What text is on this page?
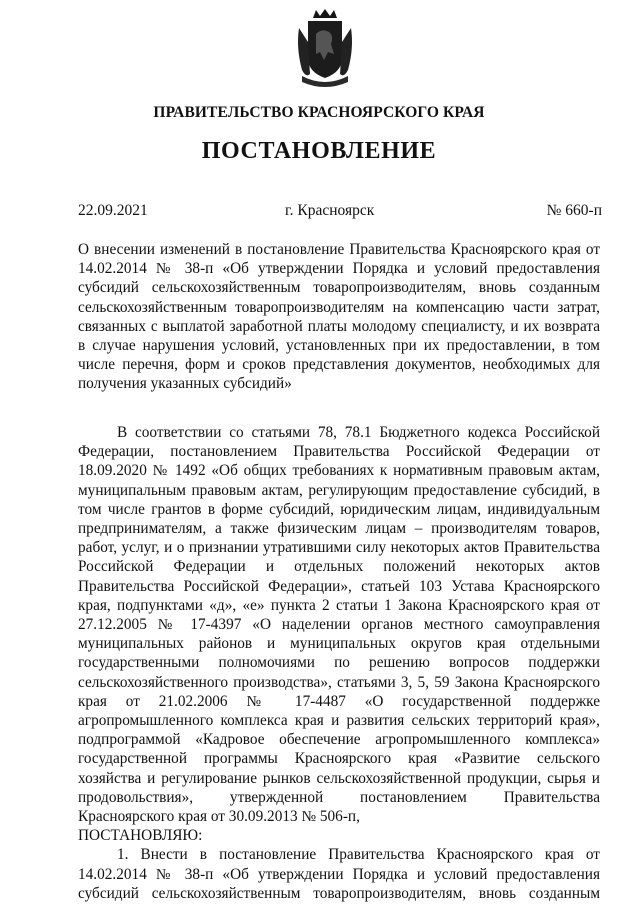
ПРАВИТЕЛЬСТВО КРАСНОЯРСКОГО КРАЯ
ПОСТАНОВЛЕНИЕ
22.09.2021	г. Красноярск	№ 660-п
О внесении изменений в постановление Правительства Красноярского края от 14.02.2014 № 38-п «Об утверждении Порядка и условий предоставления субсидий сельскохозяйственным товаропроизводителям, вновь созданным сельскохозяйственным товаропроизводителям на компенсацию части затрат, связанных с выплатой заработной платы молодому специалисту, и их возврата в случае нарушения условий, установленных при их предоставлении, в том числе перечня, форм и сроков представления документов, необходимых для получения указанных субсидий»

В соответствии со статьями 78, 78.1 Бюджетного кодекса Российской Федерации, постановлением Правительства Российской Федерации от 18.09.2020 № 1492 «Об общих требованиях к нормативным правовым актам, муниципальным правовым актам, регулирующим предоставление субсидий, в том числе грантов в форме субсидий, юридическим лицам, индивидуальным предпринимателям, а также физическим лицам – производителям товаров, работ, услуг, и о признании утратившими силу некоторых актов Правительства Российской Федерации и отдельных положений некоторых актов Правительства Российской Федерации», статьей 103 Устава Красноярского края, подпунктами «д», «е» пункта 2 статьи 1 Закона Красноярского края от 27.12.2005 № 17-4397 «О наделении органов местного самоуправления муниципальных районов и муниципальных округов края отдельными государственными полномочиями по решению вопросов поддержки сельскохозяйственного производства», статьями 3, 5, 59 Закона Красноярского края от 21.02.2006 № 17-4487 «О государственной поддержке агропромышленного комплекса края и развития сельских территорий края», подпрограммой «Кадровое обеспечение агропромышленного комплекса» государственной программы Красноярского края «Развитие сельского хозяйства и регулирование рынков сельскохозяйственной продукции, сырья и продовольствия», утвержденной постановлением Правительства Красноярского края от 30.09.2013 № 506-п,

ПОСТАНОВЛЯЮ:

1. Внести в постановление Правительства Красноярского края от 14.02.2014 № 38-п «Об утверждении Порядка и условий предоставления субсидий сельскохозяйственным товаропроизводителям, вновь созданным
